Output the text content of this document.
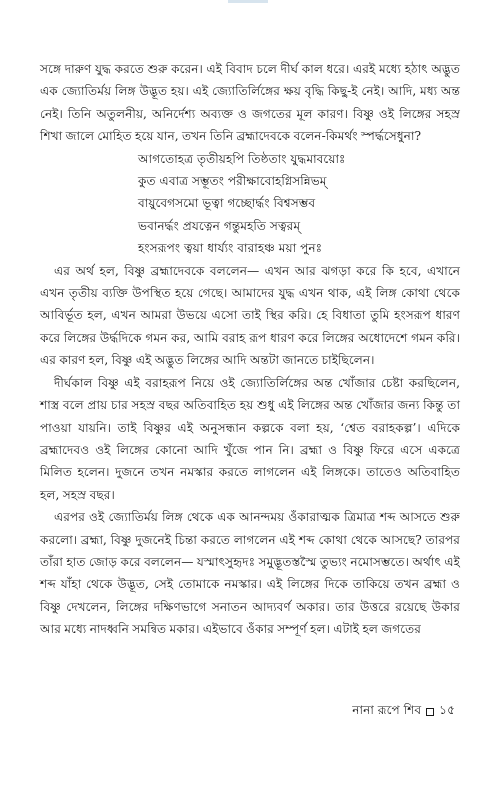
সঙ্গে দারুণ যুদ্ধ করতে শুরু করেন। এই বিবাদ চলে দীর্ঘ কাল ধরে। এরই মধ্যে হঠাৎ অদ্ভুত এক জ্যোতির্ময় লিঙ্গ উদ্ভূত হয়। এই জ্যোতির্লিঙ্গের ক্ষয় বৃদ্ধি কিছু-ই নেই। আদি, মধ্য অন্ত নেই। তিনি অতুলনীয়, অনির্দেশ্য অব্যক্ত ও জগতের মূল কারণ। বিষ্ণু ওই লিঙ্গের সহস্র শিখা জালে মোহিত হয়ে যান, তখন তিনি ব্রহ্মাদেবকে বলেন-কিমর্থং স্পর্দ্ধসেধুনা?

আগতোহত্র তৃতীয়হপি তিষ্ঠতাং যুদ্ধমাবয়োঃ
কুত এবাত্র সম্ভূতং পরীক্ষাবোহগ্নিসন্নিভম্
বায়ুবেগসমো ভূত্বা গচ্ছোর্দ্ধং বিশ্বসম্ভব
ভবানর্দ্ধং প্রযত্নেন গন্তুমহতি সত্বরম্
হংসরূপং ত্বয়া ধার্য্যং বারাহঞ্চ ময়া পুনঃ

এর অর্থ হল, বিষ্ণু ব্রহ্মাদেবকে বললেন— এখন আর ঝগড়া করে কি হবে, এখানে এখন তৃতীয় ব্যক্তি উপস্থিত হয়ে গেছে। আমাদের যুদ্ধ এখন থাক, এই লিঙ্গ কোথা থেকে আবির্ভূত হল, এখন আমরা উভয়ে এসো তাই স্থির করি। হে বিধাতা তুমি হংসরূপ ধারণ করে লিঙ্গের উর্দ্ধদিকে গমন কর, আমি বরাহ রূপ ধারণ করে লিঙ্গের অধোদেশে গমন করি। এর কারণ হল, বিষ্ণু এই অদ্ভুত লিঙ্গের আদি অন্তটা জানতে চাইছিলেন।

দীর্ঘকাল বিষ্ণু এই বরাহরূপ নিয়ে ওই জ্যোতির্লিঙ্গের অন্ত খোঁজার চেষ্টা করছিলেন, শাস্ত্র বলে প্রায় চার সহস্র বছর অতিবাহিত হয় শুধু এই লিঙ্গের অন্ত খোঁজার জন্য কিন্তু তা পাওয়া যায়নি। তাই বিষ্ণুর এই অনুসন্ধান কল্পকে বলা হয়, ‘শ্বেত বরাহকল্প’। এদিকে ব্রহ্মাদেবও ওই লিঙ্গের কোনো আদি খুঁজে পান নি। ব্রহ্মা ও বিষ্ণু ফিরে এসে একত্রে মিলিত হলেন। দুজনে তখন নমস্কার করতে লাগলেন এই লিঙ্গকে। তাতেও অতিবাহিত হল, সহস্র বছর।

এরপর ওই জ্যোতির্ময় লিঙ্গ থেকে এক আনন্দময় ওঁকারাত্মক ত্রিমাত্র শব্দ আসতে শুরু করলো। ব্রহ্মা, বিষ্ণু দুজনেই চিন্তা করতে লাগলেন এই শব্দ কোথা থেকে আসছে? তারপর তাঁরা হাত জোড় করে বললেন— যস্মাৎসুহৃদঃ সমুদ্ভূতস্তস্মৈ তুভ্যং নমোসম্ভতে। অর্থাৎ এই শব্দ যাঁহা থেকে উদ্ভূত, সেই তোমাকে নমস্কার। এই লিঙ্গের দিকে তাকিয়ে তখন ব্রহ্মা ও বিষ্ণু দেখলেন, লিঙ্গের দক্ষিণভাগে সনাতন আদ্যবর্ণ অকার। তার উত্তরে রয়েছে উকার আর মধ্যে নাদধ্বনি সমন্বিত মকার। এইভাবে ওঁকার সম্পূর্ণ হল। এটাই হল জগতের

নানা রূপে শিব ১৫
